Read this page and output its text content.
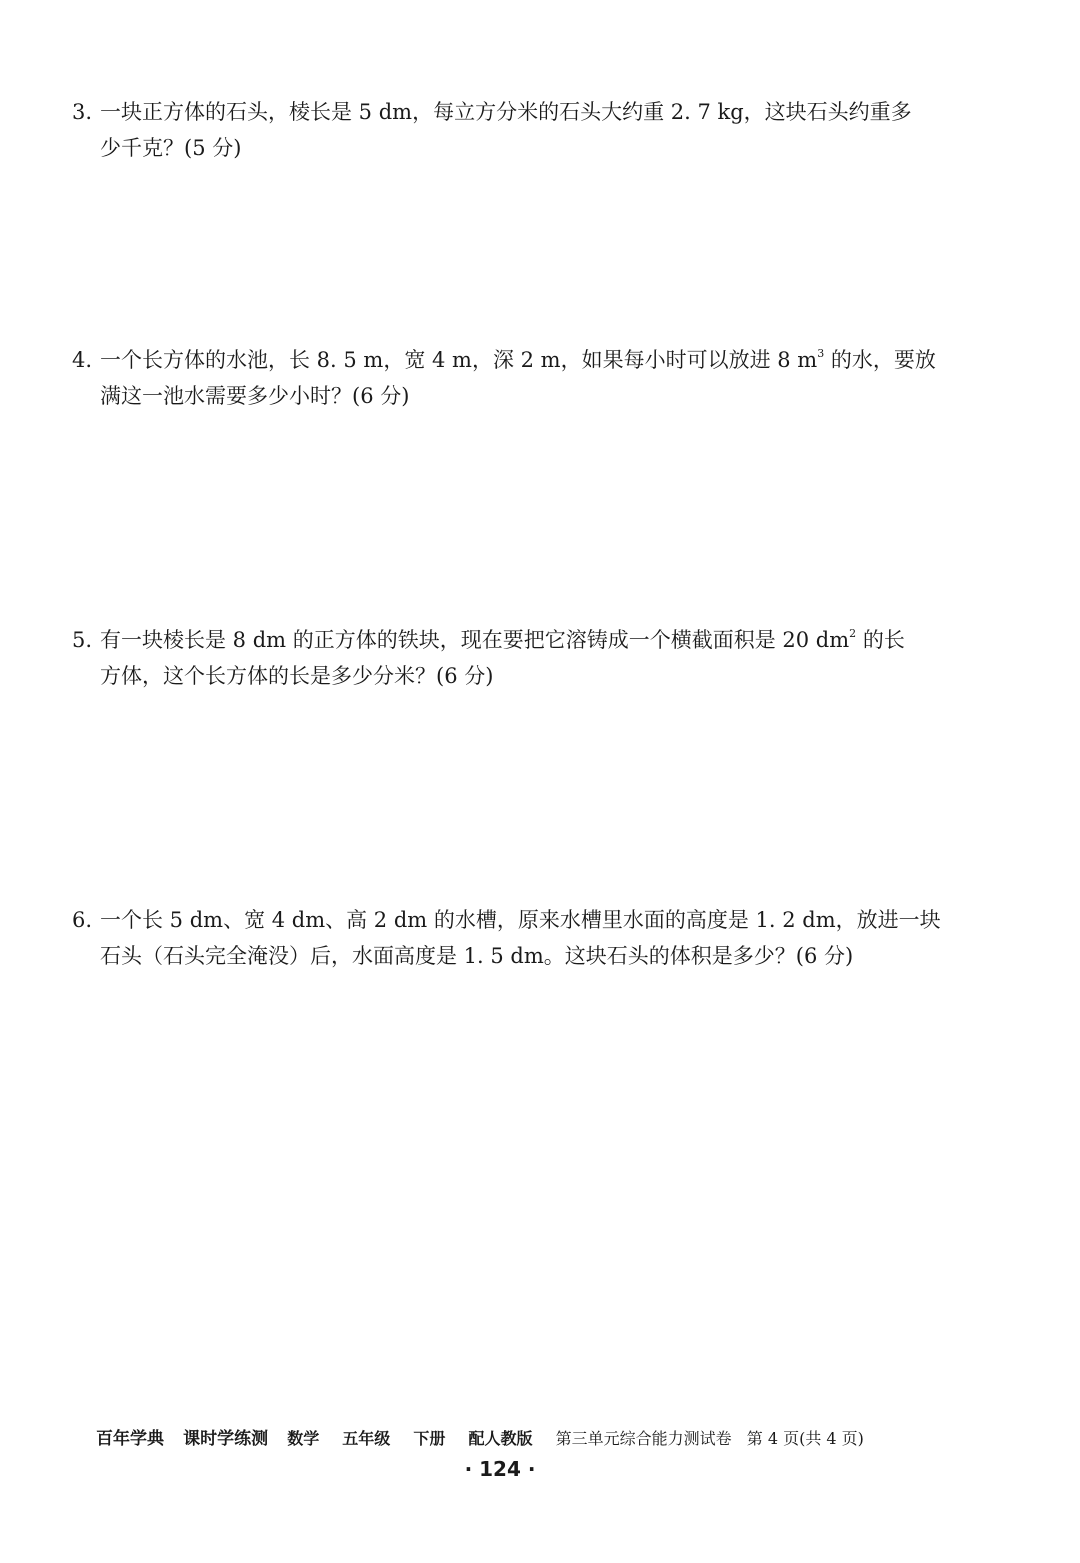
3. 一块正方体的石头，棱长是 5 dm，每立方分米的石头大约重 2. 7 kg，这块石头约重多
少千克？(5 分)
4. 一个长方体的水池，长 8. 5 m，宽 4 m，深 2 m，如果每小时可以放进 8 $m^3$ 的水，要放
满这一池水需要多少小时？(6 分)
5. 有一块棱长是 8 dm 的正方体的铁块，现在要把它溶铸成一个横截面积是 20 $dm^2$ 的长
方体，这个长方体的长是多少分米？(6 分)
6. 一个长 5 dm、宽 4 dm、高 2 dm 的水槽，原来水槽里水面的高度是 1. 2 dm，放进一块
石头（石头完全淹没）后，水面高度是 1. 5 dm。这块石头的体积是多少？(6 分)
百年学典 课时学练测 数学 五年级 下册 配人教版 第三单元综合能力测试卷 第 4 页(共 4 页)
· 124 ·
